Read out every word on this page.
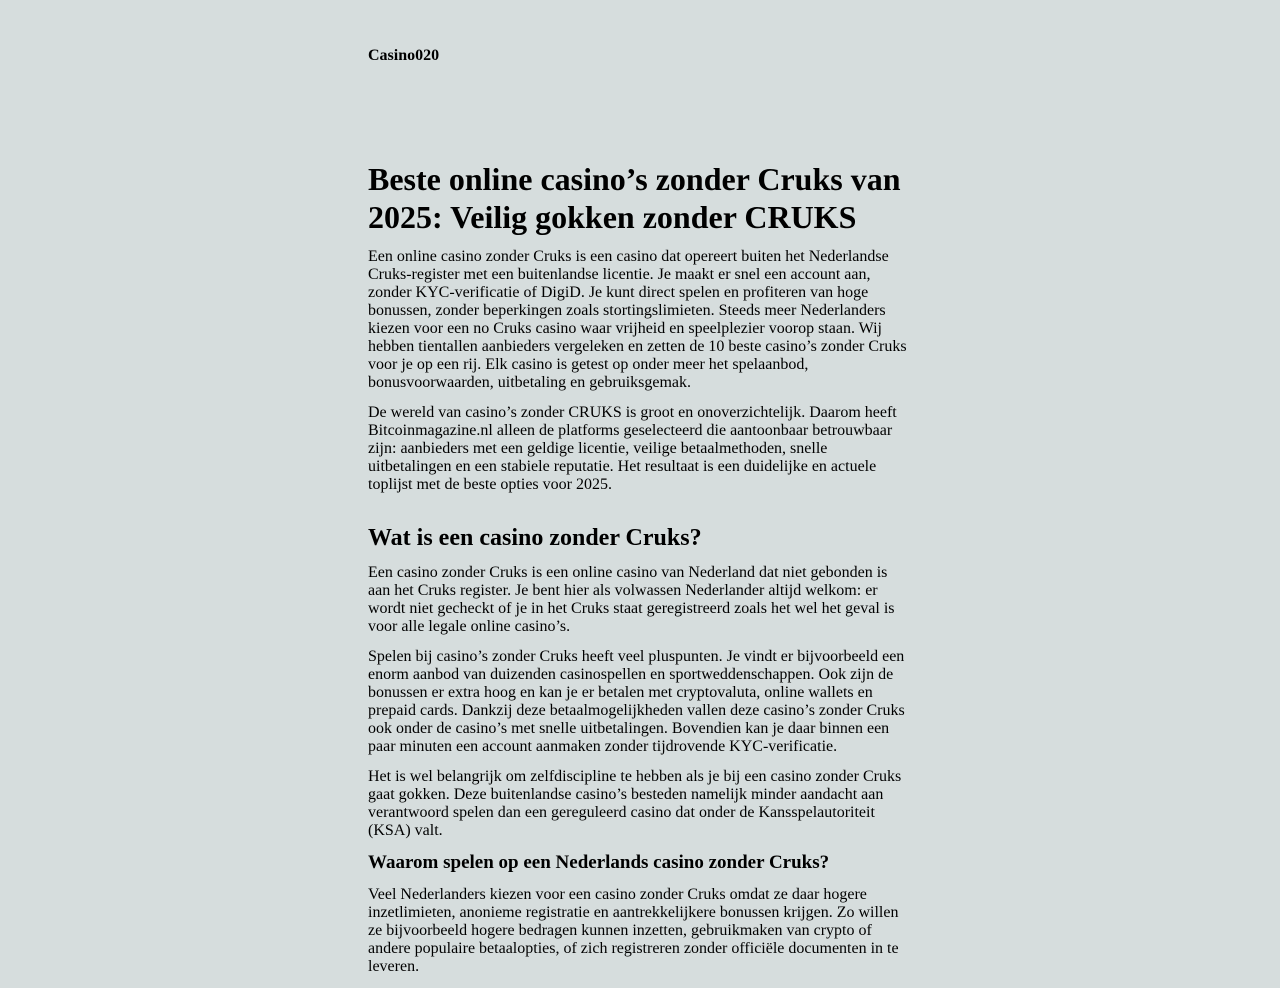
Casino020
Beste online casino’s zonder Cruks van 2025: Veilig gokken zonder CRUKS

Een online casino zonder Cruks is een casino dat opereert buiten het Nederlandse Cruks-register met een buitenlandse licentie. Je maakt er snel een account aan, zonder KYC-verificatie of DigiD. Je kunt direct spelen en profiteren van hoge bonussen, zonder beperkingen zoals stortingslimieten. Steeds meer Nederlanders kiezen voor een no Cruks casino waar vrijheid en speelplezier voorop staan. Wij hebben tientallen aanbieders vergeleken en zetten de 10 beste casino’s zonder Cruks voor je op een rij. Elk casino is getest op onder meer het spelaanbod, bonusvoorwaarden, uitbetaling en gebruiksgemak.

De wereld van casino’s zonder CRUKS is groot en onoverzichtelijk. Daarom heeft Bitcoinmagazine.nl alleen de platforms geselecteerd die aantoonbaar betrouwbaar zijn: aanbieders met een geldige licentie, veilige betaalmethoden, snelle uitbetalingen en een stabiele reputatie. Het resultaat is een duidelijke en actuele toplijst met de beste opties voor 2025.

Wat is een casino zonder Cruks?

Een casino zonder Cruks is een online casino van Nederland dat niet gebonden is aan het Cruks register. Je bent hier als volwassen Nederlander altijd welkom: er wordt niet gecheckt of je in het Cruks staat geregistreerd zoals het wel het geval is voor alle legale online casino’s.

Spelen bij casino’s zonder Cruks heeft veel pluspunten. Je vindt er bijvoorbeeld een enorm aanbod van duizenden casinospellen en sportweddenschappen. Ook zijn de bonussen er extra hoog en kan je er betalen met cryptovaluta, online wallets en prepaid cards. Dankzij deze betaalmogelijkheden vallen deze casino’s zonder Cruks ook onder de casino’s met snelle uitbetalingen. Bovendien kan je daar binnen een paar minuten een account aanmaken zonder tijdrovende KYC-verificatie.

Het is wel belangrijk om zelfdiscipline te hebben als je bij een casino zonder Cruks gaat gokken. Deze buitenlandse casino’s besteden namelijk minder aandacht aan verantwoord spelen dan een gereguleerd casino dat onder de Kansspelautoriteit (KSA) valt.

Waarom spelen op een Nederlands casino zonder Cruks?

Veel Nederlanders kiezen voor een casino zonder Cruks omdat ze daar hogere inzetlimieten, anonieme registratie en aantrekkelijkere bonussen krijgen. Zo willen ze bijvoorbeeld hogere bedragen kunnen inzetten, gebruikmaken van crypto of andere populaire betaalopties, of zich registreren zonder officiële documenten in te leveren.
